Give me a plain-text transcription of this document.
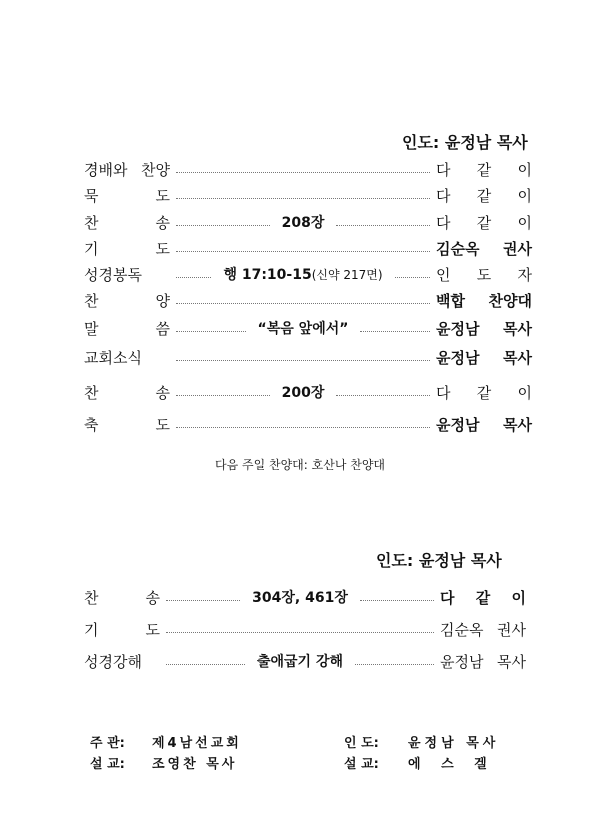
인도: 윤정남 목사
경배와 찬양	다 같 이
묵 도	다 같 이
찬 송	208장	다 같 이
기 도	김순옥 권사
성경봉독	행 17:10-15(신약 217면)	인 도 자
찬 양	백합 찬양대
말 씀	“복음 앞에서”	윤정남 목사
교회소식	윤정남 목사
찬 송	200장	다 같 이
축 도	윤정남 목사
다음 주일 찬양대: 호산나 찬양대
인도: 윤정남 목사
찬 송	304장, 461장	다 같 이
기 도	김순옥 권사
성경강해	출애굽기 강해	윤정남 목사
주 관: 제4남선교회
설 교: 조영찬 목사
인 도: 윤정남 목사
설 교: 에 스 겔
